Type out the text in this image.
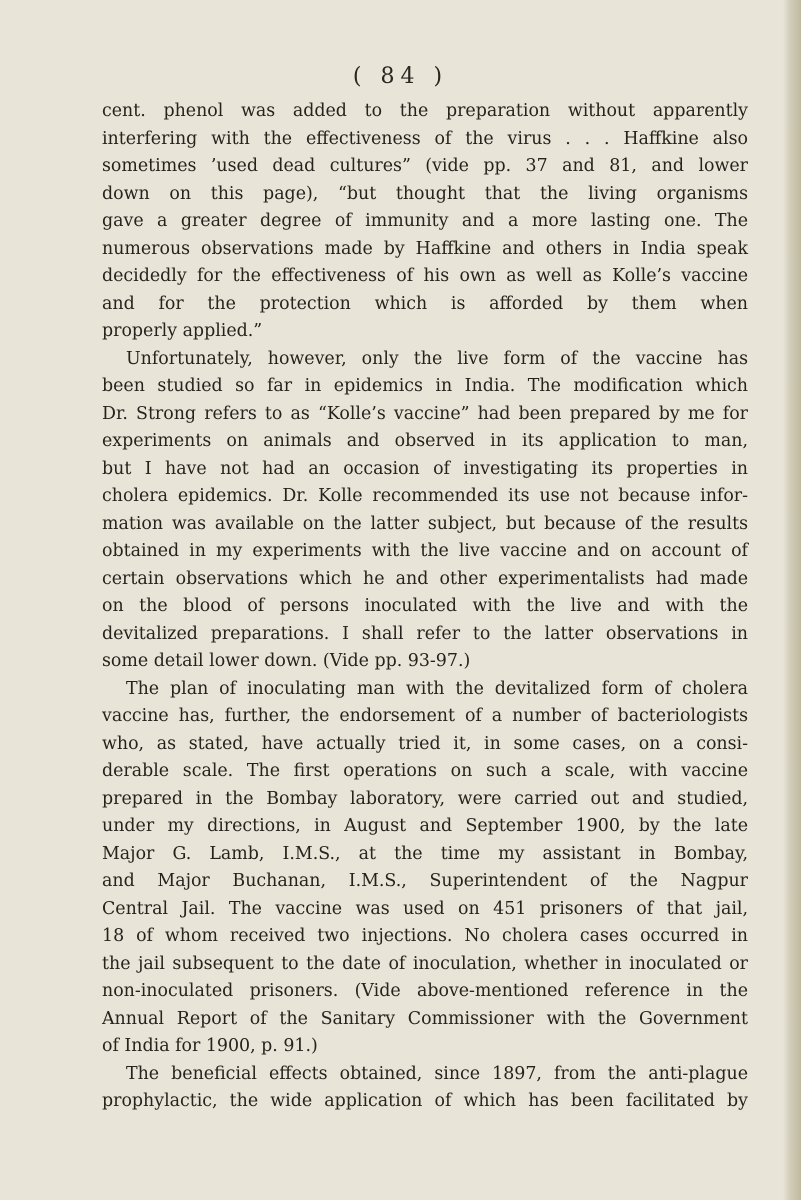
( 84 )
cent. phenol was added to the preparation without apparently
interfering with the effectiveness of the virus . . . Haffkine also
sometimes ’used dead cultures” (vide pp. 37 and 81, and lower
down on this page), “but thought that the living organisms
gave a greater degree of immunity and a more lasting one. The
numerous observations made by Haffkine and others in India speak
decidedly for the effectiveness of his own as well as Kolle’s vaccine
and for the protection which is afforded by them when
properly applied.”
Unfortunately, however, only the live form of the vaccine has
been studied so far in epidemics in India. The modification which
Dr. Strong refers to as “Kolle’s vaccine” had been prepared by me for
experiments on animals and observed in its application to man,
but I have not had an occasion of investigating its properties in
cholera epidemics. Dr. Kolle recommended its use not because infor-
mation was available on the latter subject, but because of the results
obtained in my experiments with the live vaccine and on account of
certain observations which he and other experimentalists had made
on the blood of persons inoculated with the live and with the
devitalized preparations. I shall refer to the latter observations in
some detail lower down. (Vide pp. 93-97.)
The plan of inoculating man with the devitalized form of cholera
vaccine has, further, the endorsement of a number of bacteriologists
who, as stated, have actually tried it, in some cases, on a consi-
derable scale. The first operations on such a scale, with vaccine
prepared in the Bombay laboratory, were carried out and studied,
under my directions, in August and September 1900, by the late
Major G. Lamb, I.M.S., at the time my assistant in Bombay,
and Major Buchanan, I.M.S., Superintendent of the Nagpur
Central Jail. The vaccine was used on 451 prisoners of that jail,
18 of whom received two injections. No cholera cases occurred in
the jail subsequent to the date of inoculation, whether in inoculated or
non-inoculated prisoners. (Vide above-mentioned reference in the
Annual Report of the Sanitary Commissioner with the Government
of India for 1900, p. 91.)
The beneficial effects obtained, since 1897, from the anti-plague
prophylactic, the wide application of which has been facilitated by
